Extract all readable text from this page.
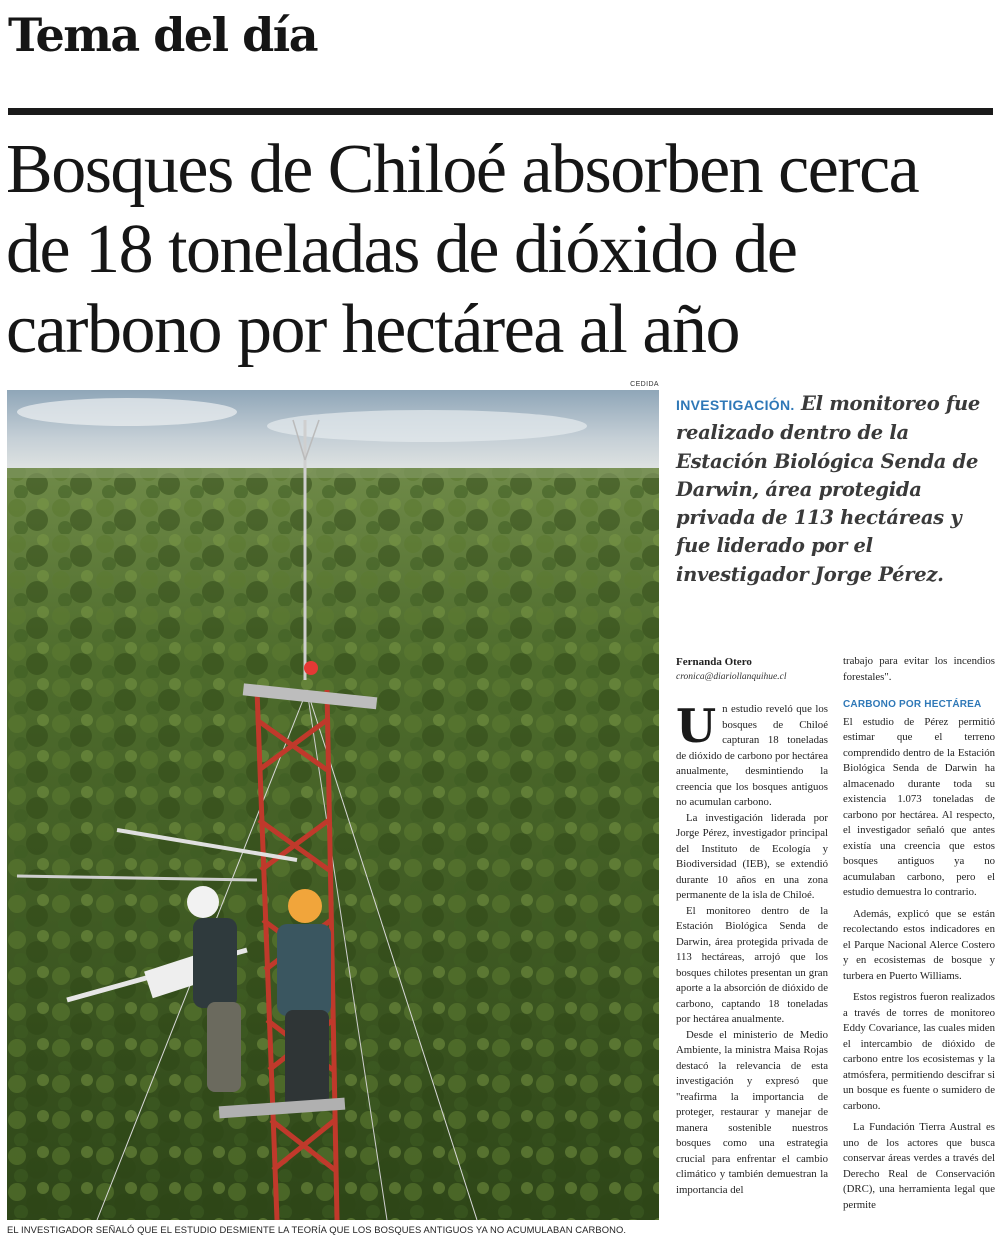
Tema del día
Bosques de Chiloé absorben cerca de 18 toneladas de dióxido de carbono por hectárea al año
CEDIDA
EL INVESTIGADOR SEÑALÓ QUE EL ESTUDIO DESMIENTE LA TEORÍA QUE LOS BOSQUES ANTIGUOS YA NO ACUMULABAN CARBONO.
INVESTIGACIÓN. El monitoreo fue realizado dentro de la Estación Biológica Senda de Darwin, área protegida privada de 113 hectáreas y fue liderado por el investigador Jorge Pérez.
Fernanda Otero
cronica@diariollanquihue.cl

Un estudio reveló que los bosques de Chiloé capturan 18 toneladas de dióxido de carbono por hectárea anualmente, desmintiendo la creencia que los bosques antiguos no acumulan carbono.

La investigación liderada por Jorge Pérez, investigador principal del Instituto de Ecología y Biodiversidad (IEB), se extendió durante 10 años en una zona permanente de la isla de Chiloé.

El monitoreo dentro de la Estación Biológica Senda de Darwin, área protegida privada de 113 hectáreas, arrojó que los bosques chilotes presentan un gran aporte a la absorción de dióxido de carbono, captando 18 toneladas por hectárea anualmente.

Desde el ministerio de Medio Ambiente, la ministra Maisa Rojas destacó la relevancia de esta investigación y expresó que "reafirma la importancia de proteger, restaurar y manejar de manera sostenible nuestros bosques como una estrategia crucial para enfrentar el cambio climático y también demuestran la importancia del

trabajo para evitar los incendios forestales".

CARBONO POR HECTÁREA

El estudio de Pérez permitió estimar que el terreno comprendido dentro de la Estación Biológica Senda de Darwin ha almacenado durante toda su existencia 1.073 toneladas de carbono por hectárea. Al respecto, el investigador señaló que antes existía una creencia que estos bosques antiguos ya no acumulaban carbono, pero el estudio demuestra lo contrario.

Además, explicó que se están recolectando estos indicadores en el Parque Nacional Alerce Costero y en ecosistemas de bosque y turbera en Puerto Williams.

Estos registros fueron realizados a través de torres de monitoreo Eddy Covariance, las cuales miden el intercambio de dióxido de carbono entre los ecosistemas y la atmósfera, permitiendo descifrar si un bosque es fuente o sumidero de carbono.

La Fundación Tierra Austral es uno de los actores que busca conservar áreas verdes a través del Derecho Real de Conservación (DRC), una herramienta legal que permite
